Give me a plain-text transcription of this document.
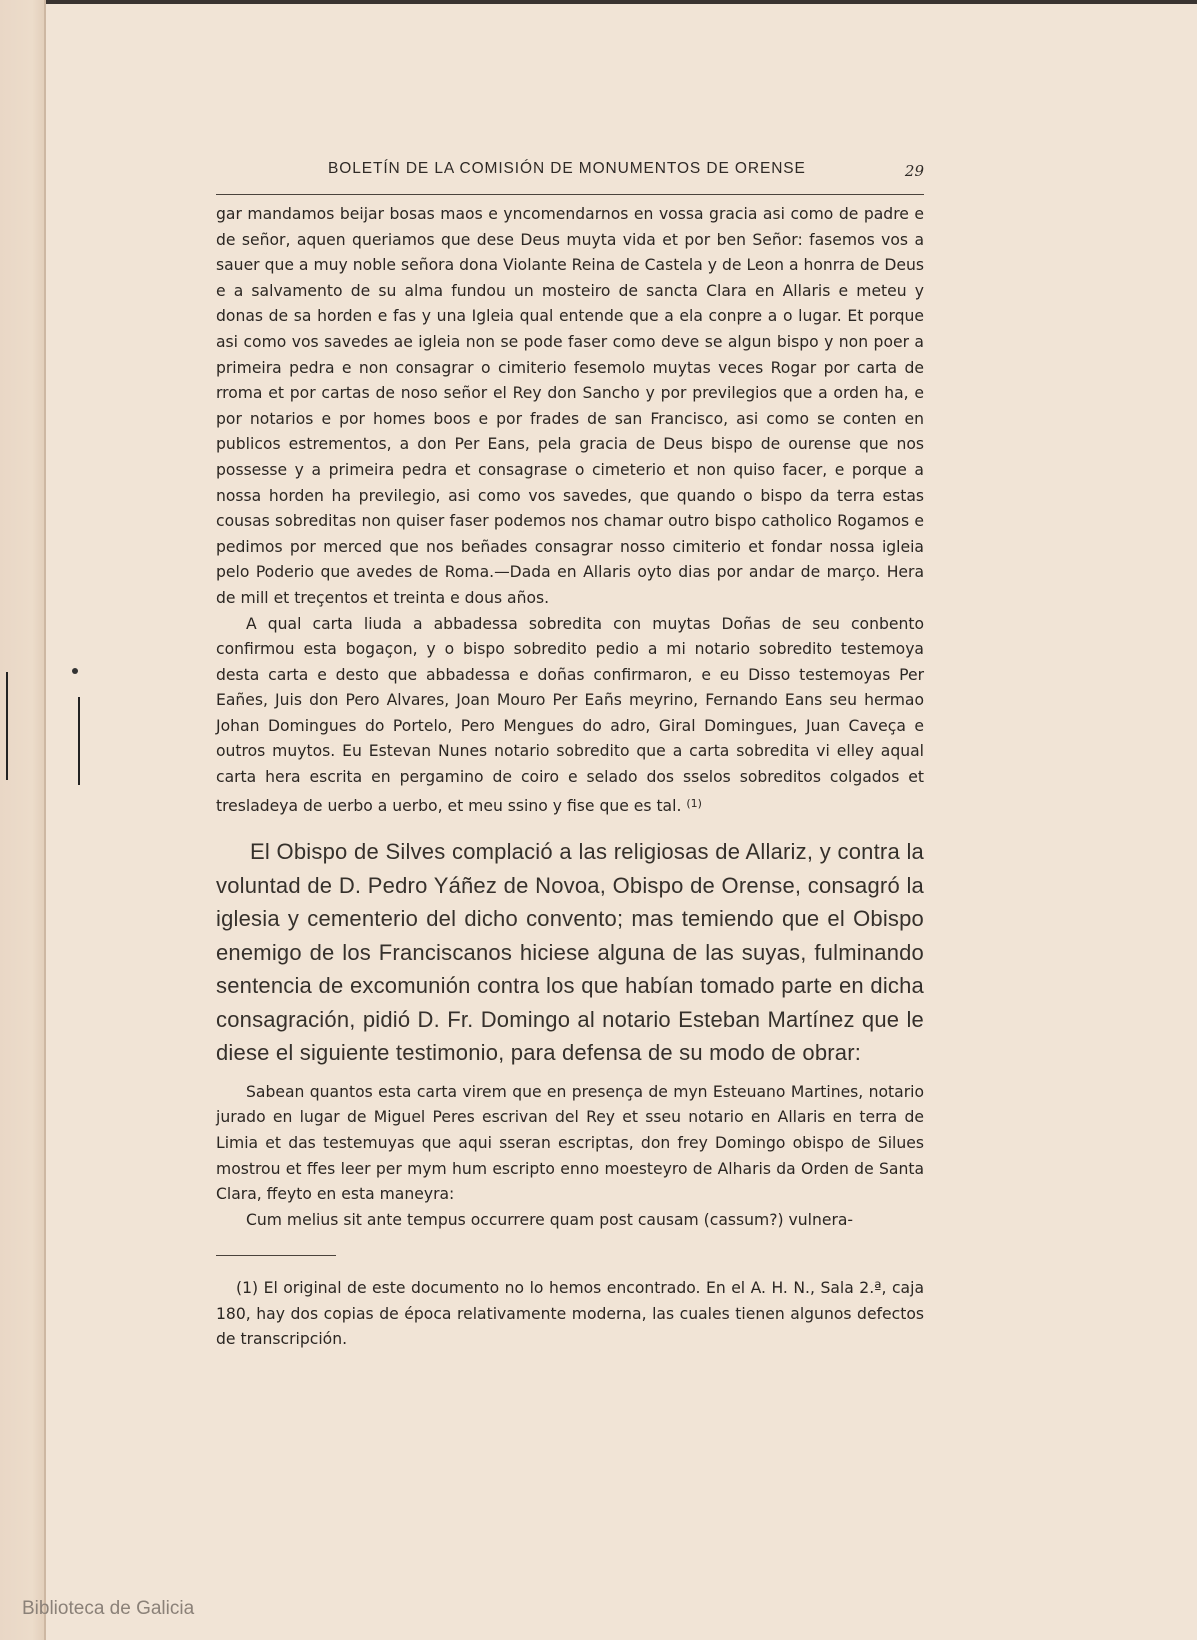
BOLETÍN DE LA COMISIÓN DE MONUMENTOS DE ORENSE	29

gar mandamos beijar bosas maos e yncomendarnos en vossa gracia asi como de padre e de señor, aquen queriamos que dese Deus muyta vida et por ben Señor: fasemos vos a sauer que a muy noble señora dona Violante Reina de Castela y de Leon a honrra de Deus e a salvamento de su alma fundou un mosteiro de sancta Clara en Allaris e meteu y donas de sa horden e fas y una Igleia qual entende que a ela conpre a o lugar. Et porque asi como vos savedes ae igleia non se pode faser como deve se algun bispo y non poer a primeira pedra e non consagrar o cimiterio fesemolo muytas veces Rogar por carta de rroma et por cartas de noso señor el Rey don Sancho y por previlegios que a orden ha, e por notarios e por homes boos e por frades de san Francisco, asi como se conten en publicos estrementos, a don Per Eans, pela gracia de Deus bispo de ourense que nos possesse y a primeira pedra et consagrase o cimeterio et non quiso facer, e porque a nossa horden ha previlegio, asi como vos savedes, que quando o bispo da terra estas cousas sobreditas non quiser faser podemos nos chamar outro bispo catholico Rogamos e pedimos por merced que nos beñades consagrar nosso cimiterio et fondar nossa igleia pelo Poderio que avedes de Roma.—Dada en Allaris oyto dias por andar de março. Hera de mill et treçentos et treinta e dous años.

A qual carta liuda a abbadessa sobredita con muytas Doñas de seu conbento confirmou esta bogaçon, y o bispo sobredito pedio a mi notario sobredito testemoya desta carta e desto que abbadessa e doñas confirmaron, e eu Disso testemoyas Per Eañes, Juis don Pero Alvares, Joan Mouro Per Eañs meyrino, Fernando Eans seu hermao Johan Domingues do Portelo, Pero Mengues do adro, Giral Domingues, Juan Caveça e outros muytos. Eu Estevan Nunes notario sobredito que a carta sobredita vi elley aqual carta hera escrita en pergamino de coiro e selado dos sselos sobreditos colgados et tresladeya de uerbo a uerbo, et meu ssino y fise que es tal. $^{(1)}$

El Obispo de Silves complació a las religiosas de Allariz, y contra la voluntad de D. Pedro Yáñez de Novoa, Obispo de Orense, consagró la iglesia y cementerio del dicho convento; mas temiendo que el Obispo enemigo de los Franciscanos hiciese alguna de las suyas, fulminando sentencia de excomunión contra los que habían tomado parte en dicha consagración, pidió D. Fr. Domingo al notario Esteban Martínez que le diese el siguiente testimonio, para defensa de su modo de obrar:

Sabean quantos esta carta virem que en presença de myn Esteuano Martines, notario jurado en lugar de Miguel Peres escrivan del Rey et sseu notario en Allaris en terra de Limia et das testemuyas que aqui sseran escriptas, don frey Domingo obispo de Silues mostrou et ffes leer per mym hum escripto enno moesteyro de Alharis da Orden de Santa Clara, ffeyto en esta maneyra:

Cum melius sit ante tempus occurrere quam post causam (cassum?) vulnera-

(1) El original de este documento no lo hemos encontrado. En el A. H. N., Sala 2.ª, caja 180, hay dos copias de época relativamente moderna, las cuales tienen algunos defectos de transcripción.

Biblioteca de Galicia
